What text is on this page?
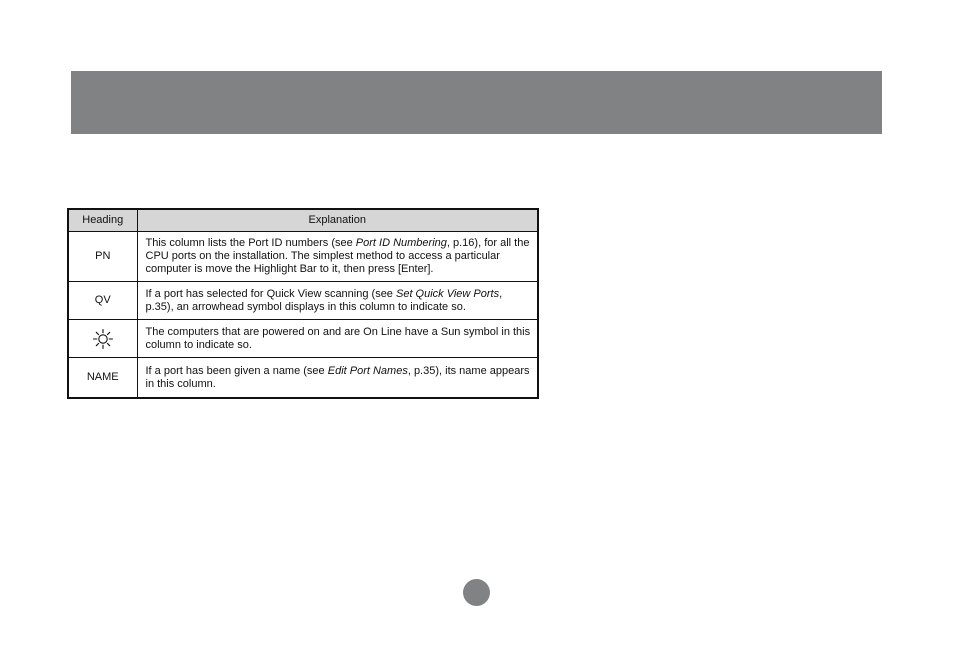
Heading	Explanation
PN	This column lists the Port ID numbers (see Port ID Numbering, p.16), for all the CPU ports on the installation. The simplest method to access a particular computer is move the Highlight Bar to it, then press [Enter].
QV	If a port has selected for Quick View scanning (see Set Quick View Ports, p.35), an arrowhead symbol displays in this column to indicate so.
	The computers that are powered on and are On Line have a Sun symbol in this column to indicate so.
NAME	If a port has been given a name (see Edit Port Names, p.35), its name appears in this column.
